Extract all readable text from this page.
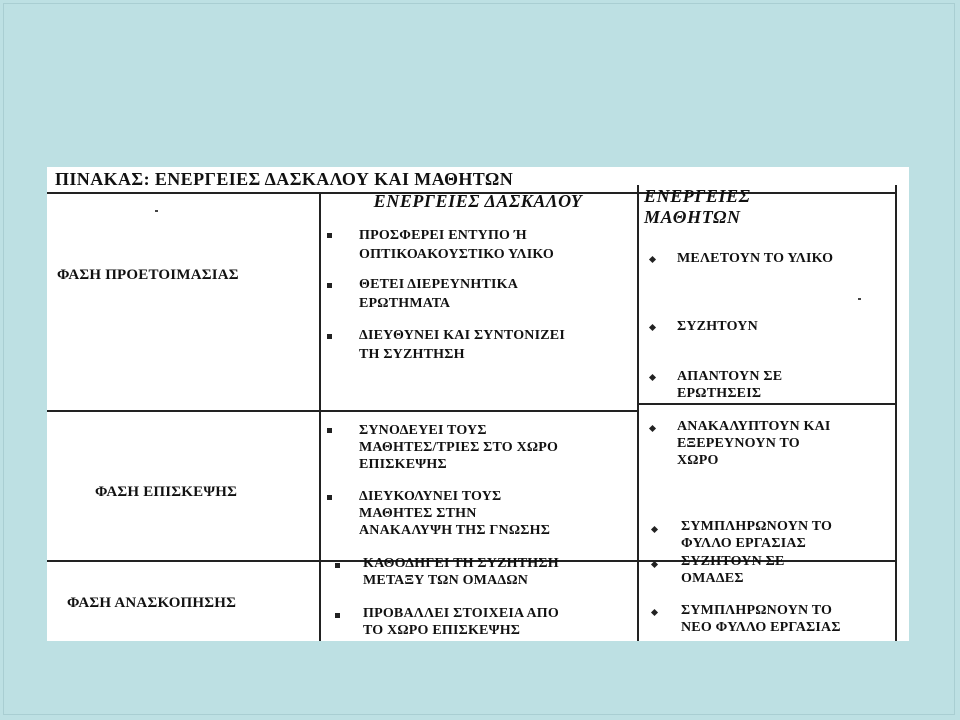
ΠΙΝΑΚΑΣ: ΕΝΕΡΓΕΙΕΣ ΔΑΣΚΑΛΟΥ ΚΑΙ ΜΑΘΗΤΩΝ
ΕΝΕΡΓΕΙΕΣ ΔΑΣΚΑΛΟΥ	ΕΝΕΡΓΕΙΕΣ
ΜΑΘΗΤΩΝ
ΦΑΣΗ ΠΡΟΕΤΟΙΜΑΣΙΑΣ
ΦΑΣΗ ΕΠΙΣΚΕΨΗΣ
ΦΑΣΗ ΑΝΑΣΚΟΠΗΣΗΣ
ΠΡΟΣΦΕΡΕΙ ΕΝΤΥΠΟ Ή
ΟΠΤΙΚΟΑΚΟΥΣΤΙΚΟ ΥΛΙΚΟ
ΘΕΤΕΙ ΔΙΕΡΕΥΝΗΤΙΚΑ
ΕΡΩΤΗΜΑΤΑ
ΔΙΕΥΘΥΝΕΙ ΚΑΙ ΣΥΝΤΟΝΙΖΕΙ
ΤΗ ΣΥΖΗΤΗΣΗ
ΣΥΝΟΔΕΥΕΙ ΤΟΥΣ
ΜΑΘΗΤΕΣ/ΤΡΙΕΣ ΣΤΟ ΧΩΡΟ
ΕΠΙΣΚΕΨΗΣ
ΔΙΕΥΚΟΛΥΝΕΙ ΤΟΥΣ
ΜΑΘΗΤΕΣ ΣΤΗΝ
ΑΝΑΚΑΛΥΨΗ ΤΗΣ ΓΝΩΣΗΣ
ΚΑΘΟΔΗΓΕΙ ΤΗ ΣΥΖΗΤΗΣΗ
ΜΕΤΑΞΥ ΤΩΝ ΟΜΑΔΩΝ
ΠΡΟΒΑΛΛΕΙ ΣΤΟΙΧΕΙΑ ΑΠΟ
ΤΟ ΧΩΡΟ ΕΠΙΣΚΕΨΗΣ
ΜΕΛΕΤΟΥΝ ΤΟ ΥΛΙΚΟ
ΣΥΖΗΤΟΥΝ
ΑΠΑΝΤΟΥΝ ΣΕ
ΕΡΩΤΗΣΕΙΣ
ΑΝΑΚΑΛΥΠΤΟΥΝ ΚΑΙ
ΕΞΕΡΕΥΝΟΥΝ ΤΟ
ΧΩΡΟ
ΣΥΜΠΛΗΡΩΝΟΥΝ ΤΟ
ΦΥΛΛΟ ΕΡΓΑΣΙΑΣ
ΣΥΖΗΤΟΥΝ ΣΕ
ΟΜΑΔΕΣ
ΣΥΜΠΛΗΡΩΝΟΥΝ ΤΟ
ΝΕΟ ΦΥΛΛΟ ΕΡΓΑΣΙΑΣ
